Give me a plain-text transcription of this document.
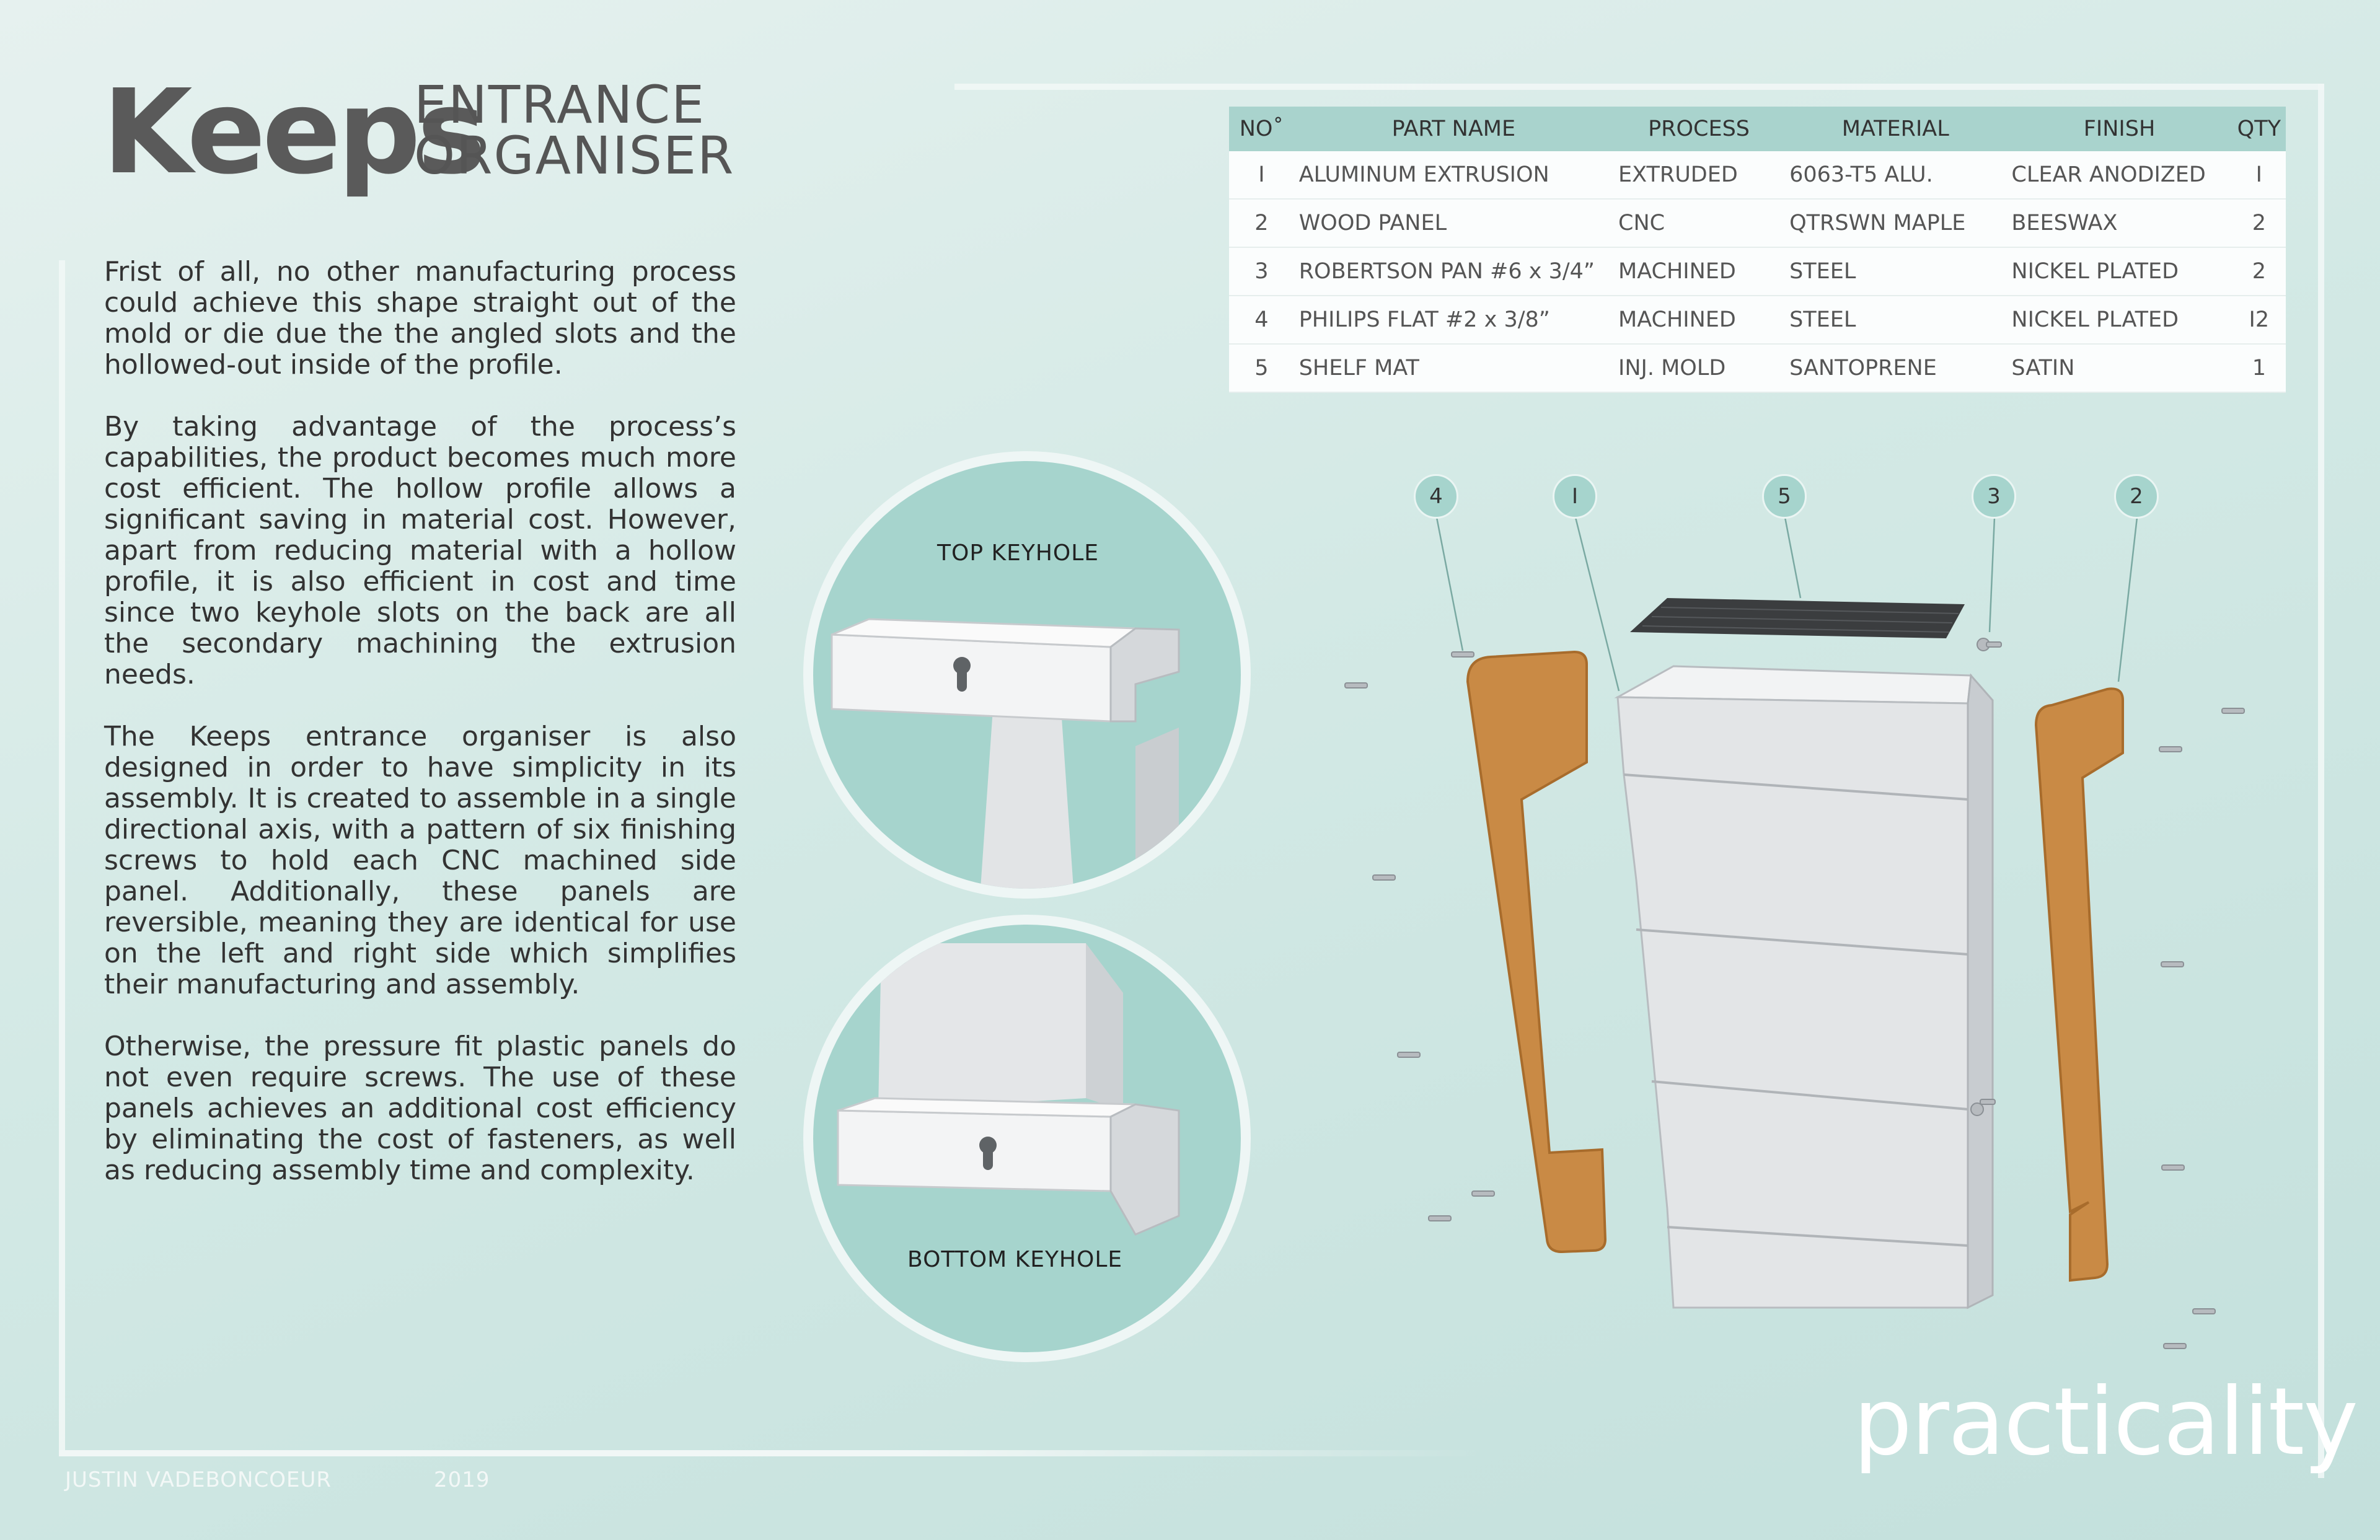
Keeps
ENTRANCE
ORGANISER

Frist of all, no other manufacturing process could achieve this shape straight out of the mold or die due the the angled slots and the hollowed-out inside of the profile.

By taking advantage of the process’s capabilities, the product becomes much more cost efficient. The hollow profile allows a significant saving in material cost. However, apart from reducing material with a hollow profile, it is also efficient in cost and time since two keyhole slots on the back are all the secondary machining the extrusion needs.

The Keeps entrance organiser is also designed in order to have simplicity in its assembly. It is created to assemble in a single directional axis, with a pattern of six finishing screws to hold each CNC machined side panel. Additionally, these panels are reversible, meaning they are identical for use on the left and right side which simplifies their manufacturing and assembly.

Otherwise, the pressure fit plastic panels do not even require screws. The use of these panels achieves an additional cost efficiency by eliminating the cost of fasteners, as well as reducing assembly time and complexity.

NO˚	PART NAME	PROCESS	MATERIAL	FINISH	QTY
I	ALUMINUM EXTRUSION	EXTRUDED	6063-T5 ALU.	CLEAR ANODIZED	I
2	WOOD PANEL	CNC	QTRSWN MAPLE	BEESWAX	2
3	ROBERTSON PAN #6 x 3/4”	MACHINED	STEEL	NICKEL PLATED	2
4	PHILIPS FLAT #2 x 3/8”	MACHINED	STEEL	NICKEL PLATED	I2
5	SHELF MAT	INJ. MOLD	SANTOPRENE	SATIN	1
TOP KEYHOLE
BOTTOM KEYHOLE
4	I	5	3	2
JUSTIN VADEBONCOEUR	2019
practicality
